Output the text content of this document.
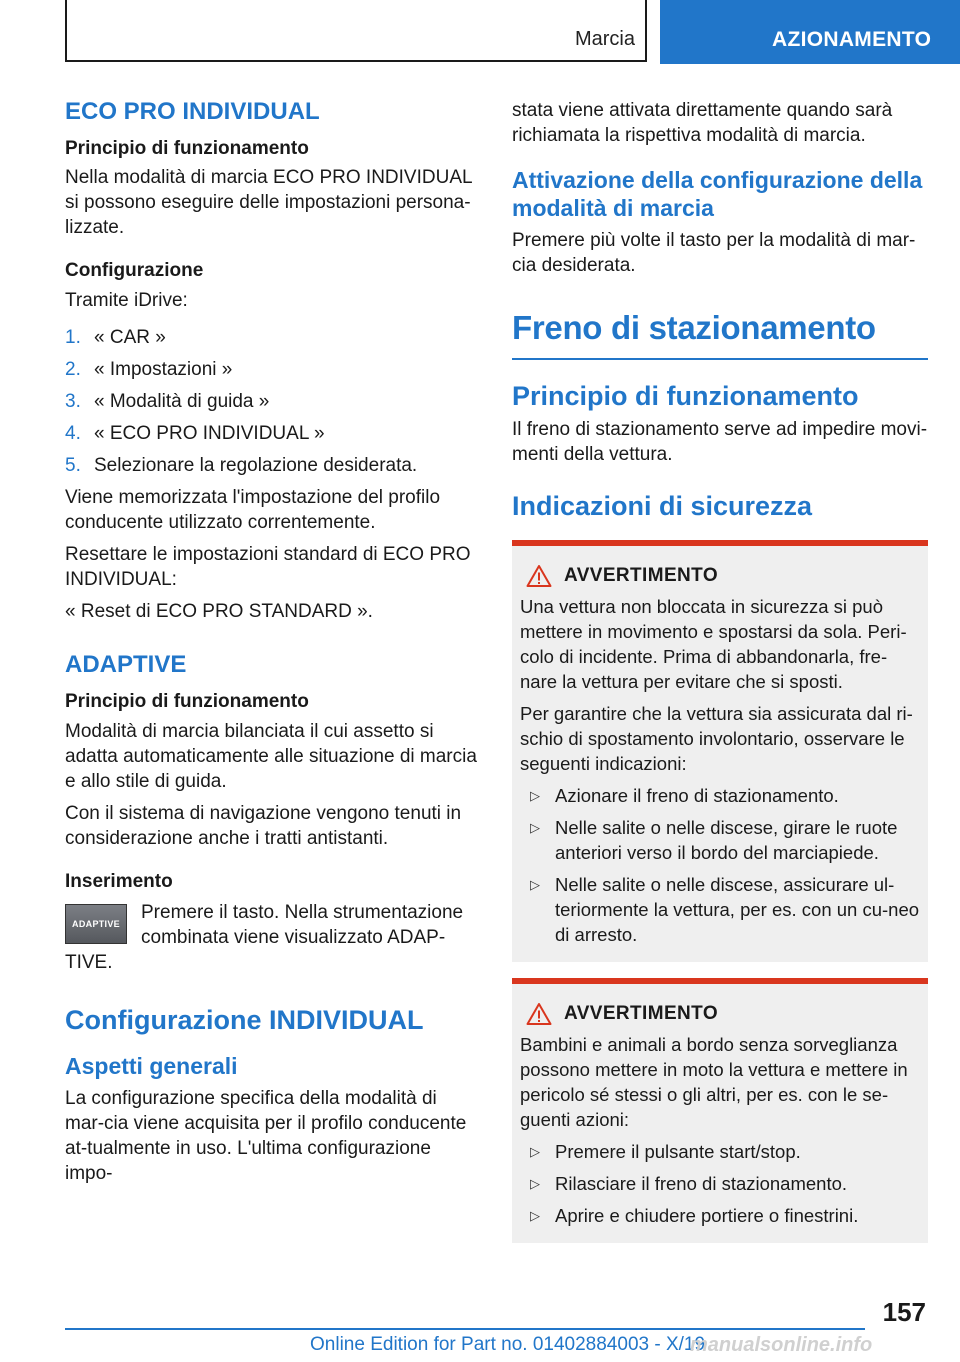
Marcia	AZIONAMENTO
ECO PRO INDIVIDUAL
Principio di funzionamento

Nella modalità di marcia ECO PRO INDIVIDUAL si possono eseguire delle impostazioni persona-lizzate.

Configurazione

Tramite iDrive:

1. « CAR »
2. « Impostazioni »
3. « Modalità di guida »
4. « ECO PRO INDIVIDUAL »
5. Selezionare la regolazione desiderata.

Viene memorizzata l'impostazione del profilo conducente utilizzato correntemente.

Resettare le impostazioni standard di ECO PRO INDIVIDUAL:

« Reset di ECO PRO STANDARD ».

ADAPTIVE
Principio di funzionamento

Modalità di marcia bilanciata il cui assetto si adatta automaticamente alle situazione di marcia e allo stile di guida.

Con il sistema di navigazione vengono tenuti in considerazione anche i tratti antistanti.

Inserimento
ADAPTIVE

Premere il tasto. Nella strumentazione combinata viene visualizzato ADAP-TIVE.

Configurazione INDIVIDUAL
Aspetti generali

La configurazione specifica della modalità di mar-cia viene acquisita per il profilo conducente at-tualmente in uso. L'ultima configurazione impo-

stata viene attivata direttamente quando sarà richiamata la rispettiva modalità di marcia.

Attivazione della configurazione della modalità di marcia

Premere più volte il tasto per la modalità di mar-cia desiderata.

Freno di stazionamento
Principio di funzionamento

Il freno di stazionamento serve ad impedire movi-menti della vettura.

Indicazioni di sicurezza
AVVERTIMENTO

Una vettura non bloccata in sicurezza si può mettere in movimento e spostarsi da sola. Peri-colo di incidente. Prima di abbandonarla, fre-nare la vettura per evitare che si sposti.

Per garantire che la vettura sia assicurata dal ri-schio di spostamento involontario, osservare le seguenti indicazioni:

▷ Azionare il freno di stazionamento.
▷ Nelle salite o nelle discese, girare le ruote anteriori verso il bordo del marciapiede.
▷ Nelle salite o nelle discese, assicurare ul-teriormente la vettura, per es. con un cu-neo di arresto.
AVVERTIMENTO

Bambini e animali a bordo senza sorveglianza possono mettere in moto la vettura e mettere in pericolo sé stessi o gli altri, per es. con le se-guenti azioni:

▷ Premere il pulsante start/stop.
▷ Rilasciare il freno di stazionamento.
▷ Aprire e chiudere portiere o finestrini.
157
Online Edition for Part no. 01402884003 - X/19
manualsonline.info
